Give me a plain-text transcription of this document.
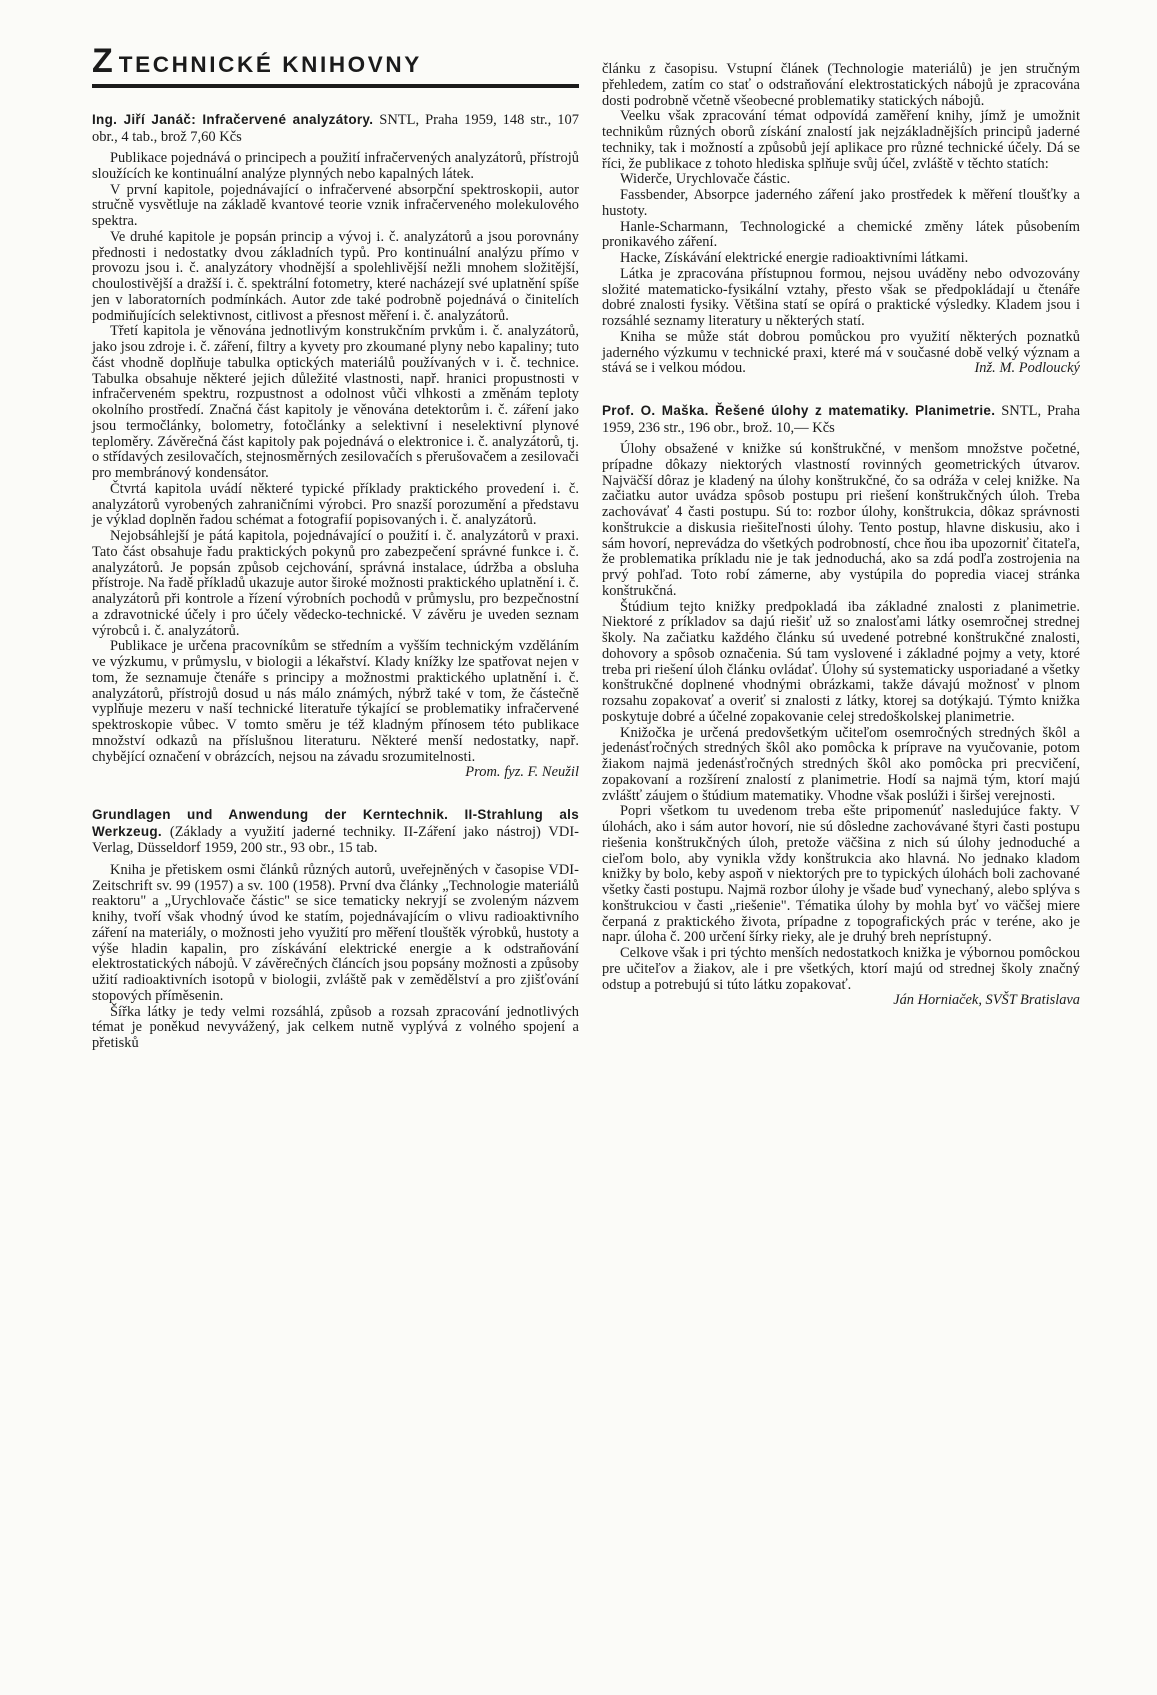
ZTECHNICKÉ KNIHOVNY

Ing. Jiří Janáč: Infračervené analyzátory. SNTL, Praha 1959, 148 str., 107 obr., 4 tab., brož 7,60 Kčs

Publikace pojednává o principech a použití infračervených analyzátorů, přístrojů sloužících ke kontinuální analýze plynných nebo kapalných látek.

V první kapitole, pojednávající o infračervené absorpční spektroskopii, autor stručně vysvětluje na základě kvantové teorie vznik infračerveného molekulového spektra.

Ve druhé kapitole je popsán princip a vývoj i. č. analyzátorů a jsou porovnány přednosti i nedostatky dvou základních typů. Pro kontinuální analýzu přímo v provozu jsou i. č. analyzátory vhodnější a spolehlivější nežli mnohem složitější, choulostivější a dražší i. č. spektrální fotometry, které nacházejí své uplatnění spíše jen v laboratorních podmínkách. Autor zde také podrobně pojednává o činitelích podmiňujících selektivnost, citlivost a přesnost měření i. č. analyzátorů.

Třetí kapitola je věnována jednotlivým konstrukčním prvkům i. č. analyzátorů, jako jsou zdroje i. č. záření, filtry a kyvety pro zkoumané plyny nebo kapaliny; tuto část vhodně doplňuje tabulka optických materiálů používaných v i. č. technice. Tabulka obsahuje některé jejich důležité vlastnosti, např. hranici propustnosti v infračerveném spektru, rozpustnost a odolnost vůči vlhkosti a změnám teploty okolního prostředí. Značná část kapitoly je věnována detektorům i. č. záření jako jsou termočlánky, bolometry, fotočlánky a selektivní i neselektivní plynové teploměry. Závěrečná část kapitoly pak pojednává o elektronice i. č. analyzátorů, tj. o střídavých zesilovačích, stejnosměrných zesilovačích s přerušovačem a zesilovači pro membránový kondensátor.

Čtvrtá kapitola uvádí některé typické příklady praktického provedení i. č. analyzátorů vyrobených zahraničními výrobci. Pro snazší porozumění a představu je výklad doplněn řadou schémat a fotografií popisovaných i. č. analyzátorů.

Nejobsáhlejší je pátá kapitola, pojednávající o použití i. č. analyzátorů v praxi. Tato část obsahuje řadu praktických pokynů pro zabezpečení správné funkce i. č. analyzátorů. Je popsán způsob cejchování, správná instalace, údržba a obsluha přístroje. Na řadě příkladů ukazuje autor široké možnosti praktického uplatnění i. č. analyzátorů při kontrole a řízení výrobních pochodů v průmyslu, pro bezpečnostní a zdravotnické účely i pro účely vědecko-technické. V závěru je uveden seznam výrobců i. č. analyzátorů.

Publikace je určena pracovníkům se středním a vyšším technickým vzděláním ve výzkumu, v průmyslu, v biologii a lékařství. Klady knížky lze spatřovat nejen v tom, že seznamuje čtenáře s principy a možnostmi praktického uplatnění i. č. analyzátorů, přístrojů dosud u nás málo známých, nýbrž také v tom, že částečně vyplňuje mezeru v naší technické literatuře týkající se problematiky infračervené spektroskopie vůbec. V tomto směru je též kladným přínosem této publikace množství odkazů na příslušnou literaturu. Některé menší nedostatky, např. chybějící označení v obrázcích, nejsou na závadu srozumitelnosti.
Prom. fyz. F. Neužil

Grundlagen und Anwendung der Kerntechnik. II-Strahlung als Werkzeug. (Základy a využití jaderné techniky. II-Záření jako nástroj) VDI-Verlag, Düsseldorf 1959, 200 str., 93 obr., 15 tab.

Kniha je přetiskem osmi článků různých autorů, uveřejněných v časopise VDI-Zeitschrift sv. 99 (1957) a sv. 100 (1958). První dva články „Technologie materiálů reaktoru" a „Urychlovače částic" se sice tematicky nekryjí se zvoleným názvem knihy, tvoří však vhodný úvod ke statím, pojednávajícím o vlivu radioaktivního záření na materiály, o možnosti jeho využití pro měření tlouštěk výrobků, hustoty a výše hladin kapalin, pro získávání elektrické energie a k odstraňování elektrostatických nábojů. V závěrečných článcích jsou popsány možnosti a způsoby užití radioaktivních isotopů v biologii, zvláště pak v zemědělství a pro zjišťování stopových příměsenin.

Šířka látky je tedy velmi rozsáhlá, způsob a rozsah zpracování jednotlivých témat je poněkud nevyvážený, jak celkem nutně vyplývá z volného spojení a přetisků

článku z časopisu. Vstupní článek (Technologie materiálů) je jen stručným přehledem, zatím co stať o odstraňování elektrostatických nábojů je zpracována dosti podrobně včetně všeobecné problematiky statických nábojů.

Veelku však zpracování témat odpovídá zaměření knihy, jímž je umožnit technikům různých oborů získání znalostí jak nejzákladnějších principů jaderné techniky, tak i možností a způsobů její aplikace pro různé technické účely. Dá se říci, že publikace z tohoto hlediska splňuje svůj účel, zvláště v těchto statích:

Widerče, Urychlovače částic.

Fassbender, Absorpce jaderného záření jako prostředek k měření tloušťky a hustoty.

Hanle-Scharmann, Technologické a chemické změny látek působením pronikavého záření.

Hacke, Získávání elektrické energie radioaktivními látkami.

Látka je zpracována přístupnou formou, nejsou uváděny nebo odvozovány složité matematicko-fysikální vztahy, přesto však se předpokládají u čtenáře dobré znalosti fysiky. Většina statí se opírá o praktické výsledky. Kladem jsou i rozsáhlé seznamy literatury u některých statí.

Kniha se může stát dobrou pomůckou pro využití některých poznatků jaderného výzkumu v technické praxi, které má v současné době velký význam a stává se i velkou módou.	Inž. M. Podloucký

Prof. O. Maška. Řešené úlohy z matematiky. Planimetrie. SNTL, Praha 1959, 236 str., 196 obr., brož. 10,— Kčs

Úlohy obsažené v knižke sú konštrukčné, v menšom množstve početné, prípadne dôkazy niektorých vlastností rovinných geometrických útvarov. Najväčší dôraz je kladený na úlohy konštrukčné, čo sa odráža v celej knižke. Na začiatku autor uvádza spôsob postupu pri riešení konštrukčných úloh. Treba zachovávať 4 časti postupu. Sú to: rozbor úlohy, konštrukcia, dôkaz správnosti konštrukcie a diskusia riešiteľnosti úlohy. Tento postup, hlavne diskusiu, ako i sám hovorí, neprevádza do všetkých podrobností, chce ňou iba upozorniť čitateľa, že problematika príkladu nie je tak jednoduchá, ako sa zdá podľa zostrojenia na prvý pohľad. Toto robí zámerne, aby vystúpila do popredia viacej stránka konštrukčná.

Štúdium tejto knižky predpokladá iba základné znalosti z planimetrie. Niektoré z príkladov sa dajú riešiť už so znalosťami látky osemročnej strednej školy. Na začiatku každého článku sú uvedené potrebné konštrukčné znalosti, dohovory a spôsob označenia. Sú tam vyslovené i základné pojmy a vety, ktoré treba pri riešení úloh článku ovládať. Úlohy sú systematicky usporiadané a všetky konštrukčné doplnené vhodnými obrázkami, takže dávajú možnosť v plnom rozsahu zopakovať a overiť si znalosti z látky, ktorej sa dotýkajú. Týmto knižka poskytuje dobré a účelné zopakovanie celej stredoškolskej planimetrie.

Knižočka je určená predovšetkým učiteľom osemročných stredných škôl a jedenásťročných stredných škôl ako pomôcka k príprave na vyučovanie, potom žiakom najmä jedenásťročných stredných škôl ako pomôcka pri precvičení, zopakovaní a rozšírení znalostí z planimetrie. Hodí sa najmä tým, ktorí majú zvláštť záujem o štúdium matematiky. Vhodne však poslúži i širšej verejnosti.

Popri všetkom tu uvedenom treba ešte pripomenúť nasledujúce fakty. V úlohách, ako i sám autor hovorí, nie sú dôsledne zachovávané štyri časti postupu riešenia konštrukčných úloh, pretože väčšina z nich sú úlohy jednoduché a cieľom bolo, aby vynikla vždy konštrukcia ako hlavná. No jednako kladom knižky by bolo, keby aspoň v niektorých pre to typických úlohách boli zachované všetky časti postupu. Najmä rozbor úlohy je všade buď vynechaný, alebo splýva s konštrukciou v časti „riešenie". Tématika úlohy by mohla byť vo väčšej miere čerpaná z praktického života, prípadne z topografických prác v teréne, ako je napr. úloha č. 200 určení šírky rieky, ale je druhý breh neprístupný.

Celkove však i pri týchto menších nedostatkoch knižka je výbornou pomôckou pre učiteľov a žiakov, ale i pre všetkých, ktorí majú od strednej školy značný odstup a potrebujú si túto látku zopakovať.

Ján Horniaček, SVŠT Bratislava
